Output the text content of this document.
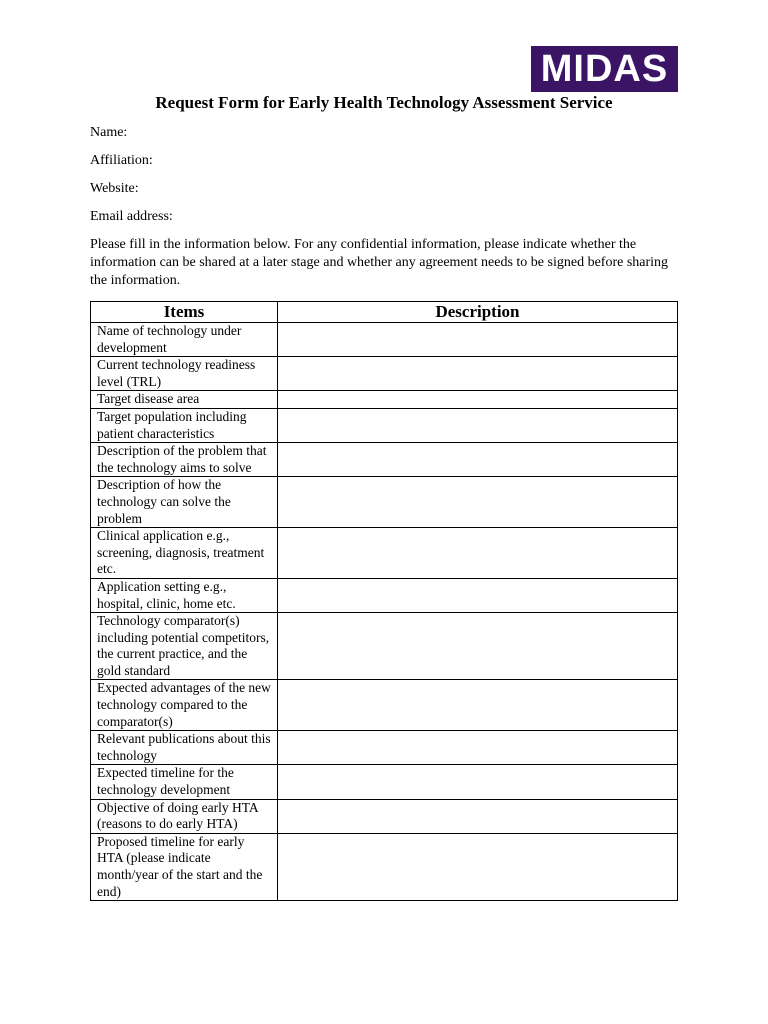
MIDAS
Request Form for Early Health Technology Assessment Service
Name:
Affiliation:
Website:
Email address:
Please fill in the information below. For any confidential information, please indicate whether the information can be shared at a later stage and whether any agreement needs to be signed before sharing the information.
Items	Description
Name of technology under development	
Current technology readiness level (TRL)	
Target disease area	
Target population including patient characteristics	
Description of the problem that the technology aims to solve	
Description of how the technology can solve the problem	
Clinical application e.g., screening, diagnosis, treatment etc.	
Application setting e.g., hospital, clinic, home etc.	
Technology comparator(s) including potential competitors, the current practice, and the gold standard	
Expected advantages of the new technology compared to the comparator(s)	
Relevant publications about this technology	
Expected timeline for the technology development	
Objective of doing early HTA (reasons to do early HTA)	
Proposed timeline for early HTA (please indicate month/year of the start and the end)	
